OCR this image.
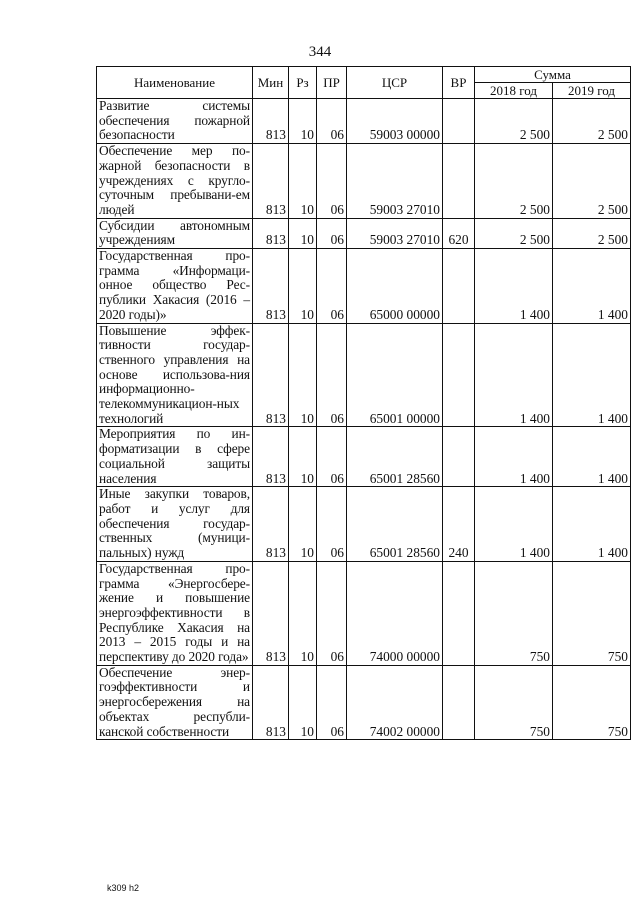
344
Наименование	Мин	Рз	ПР	ЦСР	ВР	Сумма	
						2018 год	2019 год
Развитие системы обеспечения пожарной безопасности	813	10	06	59003 00000		2 500	2 500
Обеспечение мер по-жарной безопасности в учреждениях с кругло-суточным пребывани-ем людей	813	10	06	59003 27010		2 500	2 500
Субсидии автономным учреждениям	813	10	06	59003 27010	620	2 500	2 500
Государственная про-грамма «Информаци-онное общество Рес-публики Хакасия (2016 – 2020 годы)»	813	10	06	65000 00000		1 400	1 400
Повышение эффек-тивности государ-ственного управления на основе использова-ния информационно-телекоммуникацион-ных технологий	813	10	06	65001 00000		1 400	1 400
Мероприятия по ин-форматизации в сфере социальной защиты населения	813	10	06	65001 28560		1 400	1 400
Иные закупки товаров, работ и услуг для обеспечения государ-ственных (муници-пальных) нужд	813	10	06	65001 28560	240	1 400	1 400
Государственная про-грамма «Энергосбере-жение и повышение энергоэффективности в Республике Хакасия на 2013 – 2015 годы и на перспективу до 2020 года»	813	10	06	74000 00000		750	750
Обеспечение энер-гоэффективности и энергосбережения на объектах республи-канской собственности	813	10	06	74002 00000		750	750
k309 h2
